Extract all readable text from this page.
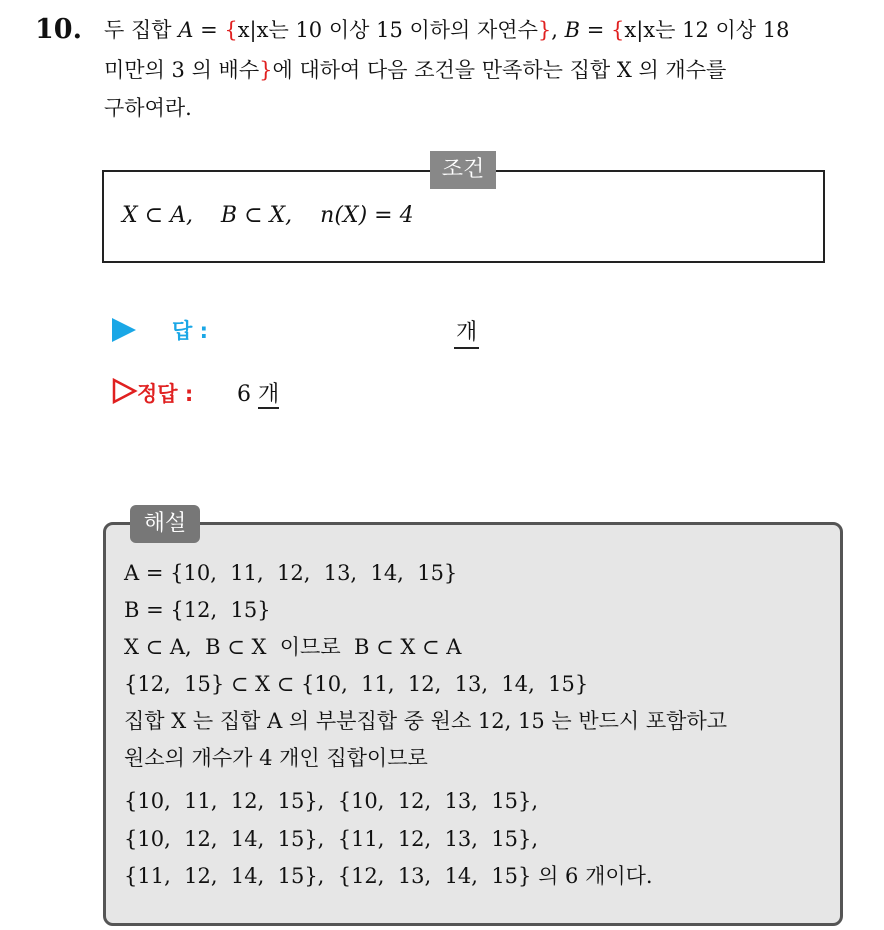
10. 두 집합 A = {x|x는 10 이상 15 이하의 자연수}, B = {x|x는 12 이상 18
미만의 3 의 배수}에 대하여 다음 조건을 만족하는 집합 X 의 개수를
구하여라.
조건
X ⊂ A,    B ⊂ X,    n(X) = 4
답 :	개
정답 : 6 개
해설
A = {10,  11,  12,  13,  14,  15}
B = {12,  15}
X ⊂ A,  B ⊂ X  이므로  B ⊂ X ⊂ A
{12,  15} ⊂ X ⊂ {10,  11,  12,  13,  14,  15}
집합 X 는 집합 A 의 부분집합 중 원소 12, 15 는 반드시 포함하고
원소의 개수가 4 개인 집합이므로
{10,  11,  12,  15},  {10,  12,  13,  15},
{10,  12,  14,  15},  {11,  12,  13,  15},
{11,  12,  14,  15},  {12,  13,  14,  15} 의 6 개이다.
